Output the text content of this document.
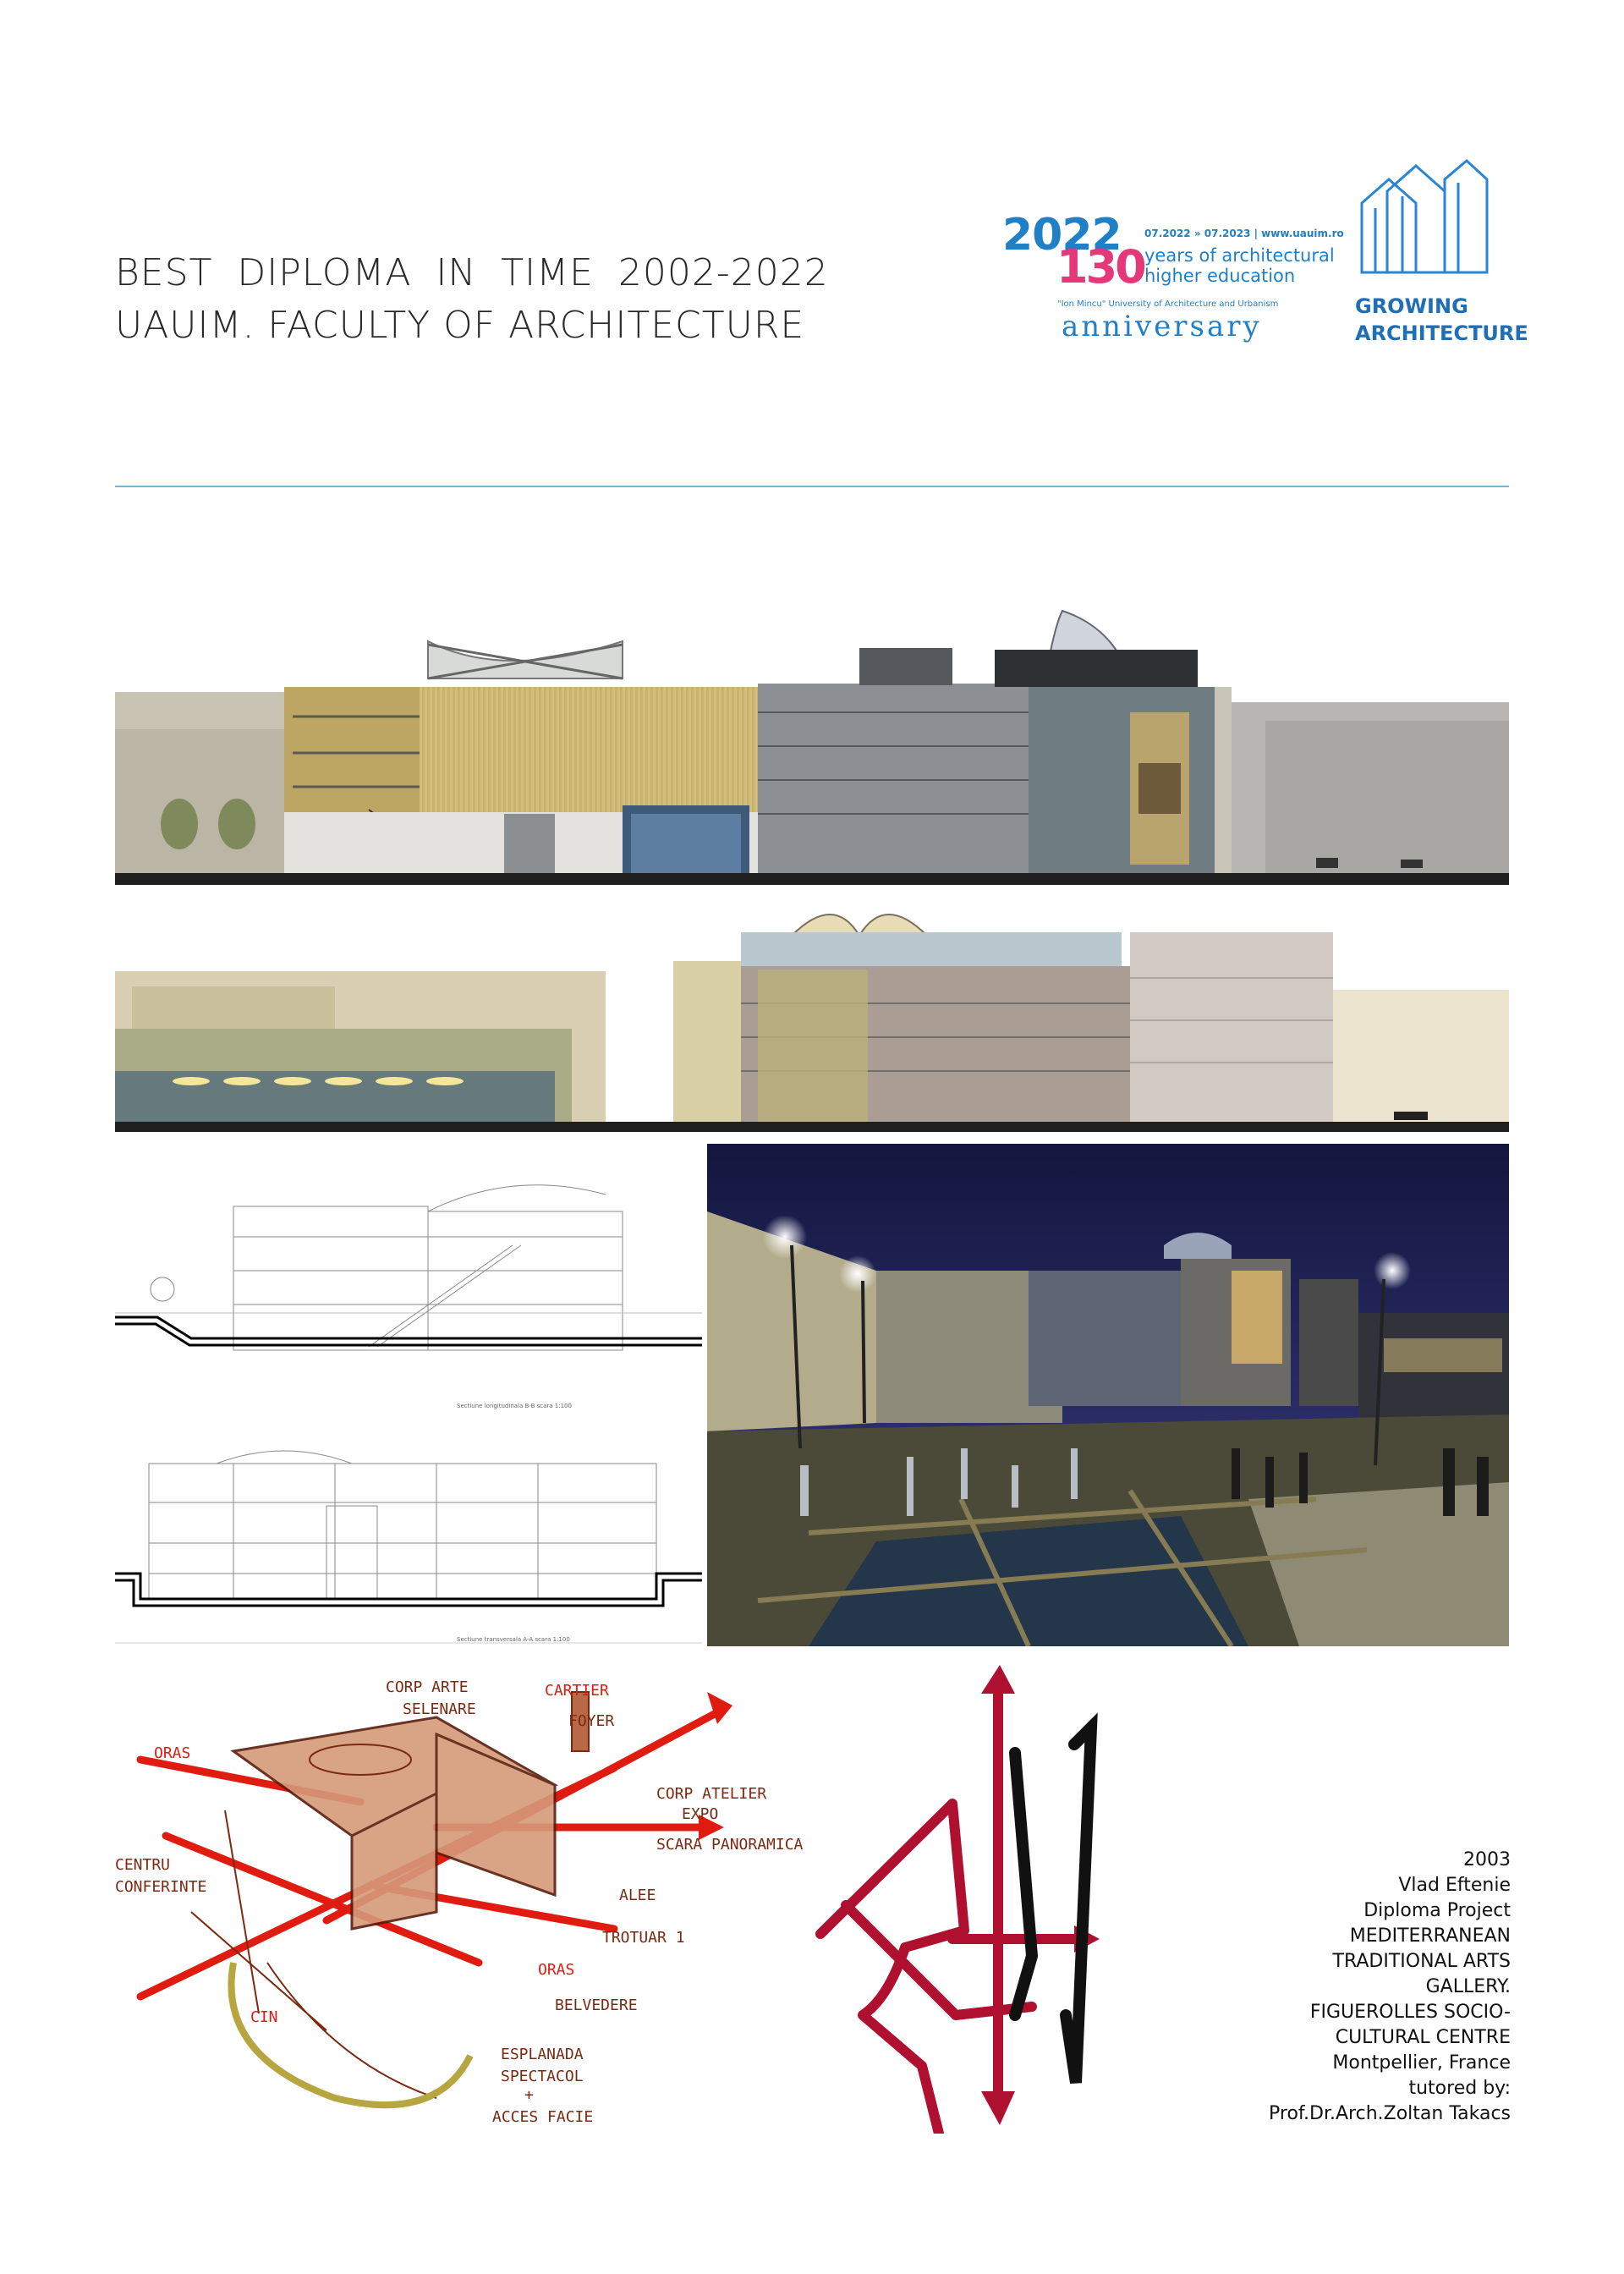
BEST DIPLOMA IN TIME 2002-2022
UAUIM. FACULTY OF ARCHITECTURE
2022
130
07.2022 » 07.2023 | www.uauim.ro
years of architectural
higher education
"Ion Mincu" University of Architecture and Urbanism
anniversary
GROWING
ARCHITECTURE
Sectiune longitudinala B-B scara 1:100
Sectiune transversala A-A scara 1:100
CORP ARTE
SELENARE
CARTIER
FOYER
ORAS
CORP ATELIER
EXPO
SCARA PANORAMICA
CENTRU
CONFERINTE	ALEE
TROTUAR 1
ORAS
BELVEDERE
CIN
ESPLANADA
SPECTACOL
+
ACCES FACIE
2003
Vlad Eftenie
Diploma Project
MEDITERRANEAN
TRADITIONAL ARTS
GALLERY.
FIGUEROLLES SOCIO-
CULTURAL CENTRE
Montpellier, France
tutored by:
Prof.Dr.Arch.Zoltan Takacs
